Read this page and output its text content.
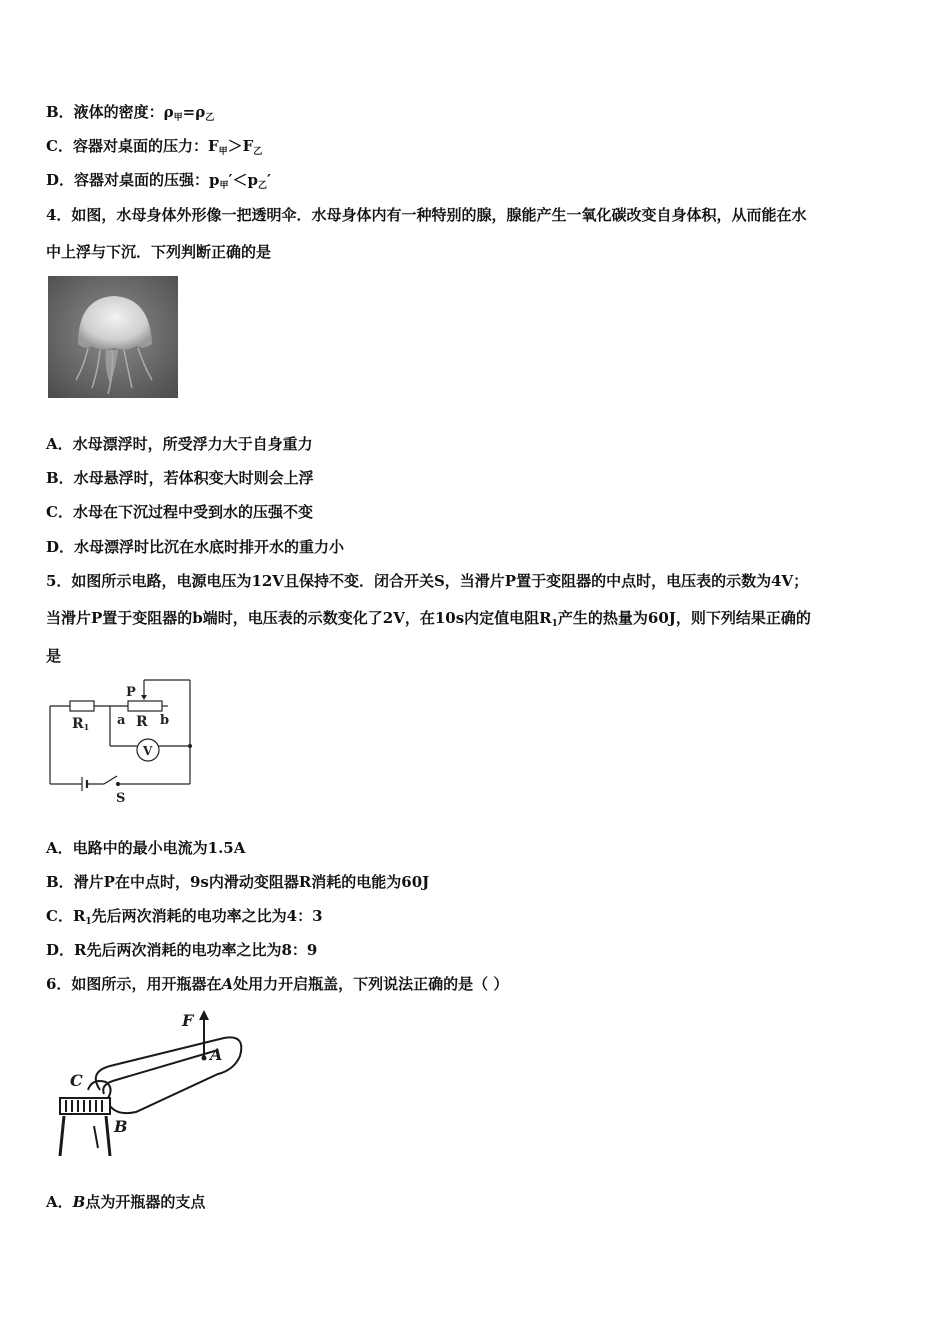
B．液体的密度：$\rho_甲=\rho_乙$
C．容器对桌面的压力：$F_甲>F_乙$
D．容器对桌面的压强：$p_甲'<p_乙'$
4．如图，水母身体外形像一把透明伞．水母身体内有一种特别的腺，腺能产生一氧化碳改变自身体积，从而能在水
中上浮与下沉．下列判断正确的是
A．水母漂浮时，所受浮力大于自身重力
B．水母悬浮时，若体积变大时则会上浮
C．水母在下沉过程中受到水的压强不变
D．水母漂浮时比沉在水底时排开水的重力小
5．如图所示电路，电源电压为12V且保持不变．闭合开关S，当滑片P置于变阻器的中点时，电压表的示数为4V；
当滑片P置于变阻器的b端时，电压表的示数变化了2V，在10s内定值电阻$R_1$产生的热量为60J，则下列结果正确的
是
R1
P
a R b
V
S
A．电路中的最小电流为1.5A
B．滑片P在中点时，9s内滑动变阻器R消耗的电能为60J
C．$R_1$先后两次消耗的电功率之比为4：3
D．R先后两次消耗的电功率之比为8：9
6．如图所示，用开瓶器在A处用力开启瓶盖，下列说法正确的是（ ）
F
A
C
B
A．B点为开瓶器的支点
